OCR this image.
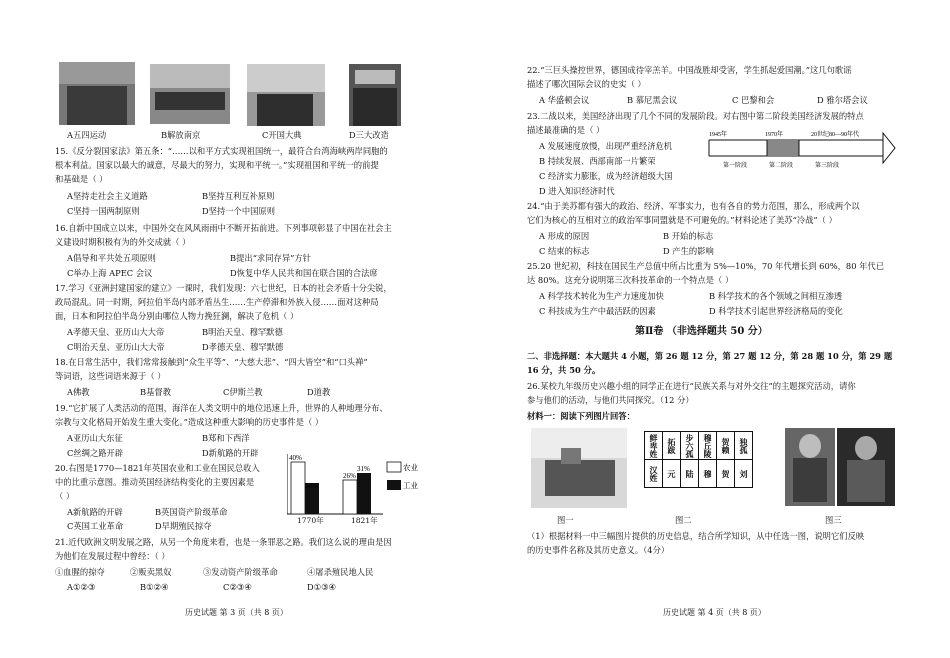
A五四运动	B解放南京	C开国大典	D三大改造
15.《反分裂国家法》第五条：“……以和平方式实现祖国统一，最符合台湾海峡两岸同胞的
根本利益。国家以最大的诚意，尽最大的努力，实现和平统一。”实现祖国和平统一的前提
和基础是（ ）
A坚持走社会主义道路	B坚持互利互补原则
C坚持一国两制原则	D坚持一个中国原则
16.自新中国成立以来，中国外交在风风雨雨中不断开拓前进。下列事项彰显了中国在社会主
义建设时期积极有为的外交成就（ ）
A倡导和平共处五项原则	B提出“求同存异”方针
C举办上海 APEC 会议	D恢复中华人民共和国在联合国的合法席
17.学习《亚洲封建国家的建立》一课时，我们发现：六七世纪，日本的社会矛盾十分尖锐，
政局混乱。同一时期，阿拉伯半岛内部矛盾丛生……生产停滞和外族入侵……面对这种局
面，日本和阿拉伯半岛分别由哪位人物力挽狂澜，解决了危机（ ）
A孝德天皇、亚历山大大帝	B明治天皇、穆罕默德
C明治天皇、亚历山大大帝	D孝德天皇、穆罕默德
18.在日常生活中，我们常常接触到“众生平等”、“大慈大悲”、“四大皆空”和“口头禅”
等词语，这些词语来源于（ ）
A佛教	B基督教	C伊斯兰教	D道教
19.“它扩展了人类活动的范围，海洋在人类文明中的地位迅速上升，世界的人种地理分布、
宗教与文化格局开始发生重大变化。”造成这种重大影响的历史事件是（ ）
A亚历山大东征	B郑和下西洋
C丝绸之路开辟	D新航路的开辟
20.右图是1770—1821年英国农业和工业在国民总收入
中的比重示意图。推动英国经济结构变化的主要因素是
（ ）
A新航路的开辟	B英国资产阶级革命
C英国工业革命	D早期殖民掠夺
40%
24%
26%
31%	农业
工业
1770年	1821年
21.近代欧洲文明发展之路，从另一个角度来看，也是一条罪恶之路。我们这么说的理由是因
为他们在发展过程中曾经：（ ）
①血腥的掠夺	②贩卖黑奴	③发动资产阶级革命	④屠杀殖民地人民
A①②③	B①②④	C②③④	D①③④
历史试题 第 3 页（共 8 页）
22.“三巨头操控世界，德国成待宰羔羊。中国战胜却受害，学生抓起爱国潮。”这几句歌谣
描述了哪次国际会议的史实（ ）
A 华盛顿会议	B 慕尼黑会议	C 巴黎和会	D 雅尔塔会议
23.二战以来，美国经济出现了几个不同的发展阶段。对右图中第二阶段美国经济发展的特点
描述最准确的是（ ）
A 发展速度放慢，出现严重经济危机
B 持续发展、西部南部一片繁荣
C 经济实力膨胀，成为经济超级大国
D 进入知识经济时代
1945年	1970年	20世纪80—90年代
第一阶段	第二阶段	第三阶段
24.“由于美苏都有强大的政治、经济、军事实力，也有各自的势力范围，那么，形成两个以
它们为核心的互相对立的政治军事同盟就是不可避免的。”材料论述了美苏“冷战”（ ）
A 形成的原因	B 开始的标志
C 结束的标志	D 产生的影响
25.20 世纪初，科技在国民生产总值中所占比重为 5%—10%，70 年代增长到 60%，80 年代已
达 80%。这充分说明第三次科技革命的一个特点是（ ）
A 科学技术转化为生产力速度加快	B 科学技术的各个领域之间相互渗透
C 科技成为生产中最活跃的因素	D 科学技术引起世界经济格局的变化
第Ⅱ卷 （非选择题共 50 分）
二、非选择题：本大题共 4 小题，第 26 题 12 分，第 27 题 12 分，第 28 题 10 分，第 29 题
16 分，共 50 分。
26.某校九年级历史兴趣小组的同学正在进行“民族关系与对外交往”的主题探究活动，请你
参与他们的活动，与他们共同探究。（12 分）
材料一：阅读下列图片回答：
鲜卑姓	拓跋	步六孤	穆丘陵	贺赖	独孤
汉姓	元	陆	穆	贺	刘
图一	图二	图三
（1）根据材料一中三幅图片提供的历史信息，结合所学知识，从中任选一图，说明它们反映
的历史事件名称及其历史意义。（4分）
历史试题 第 4 页（共 8 页）
